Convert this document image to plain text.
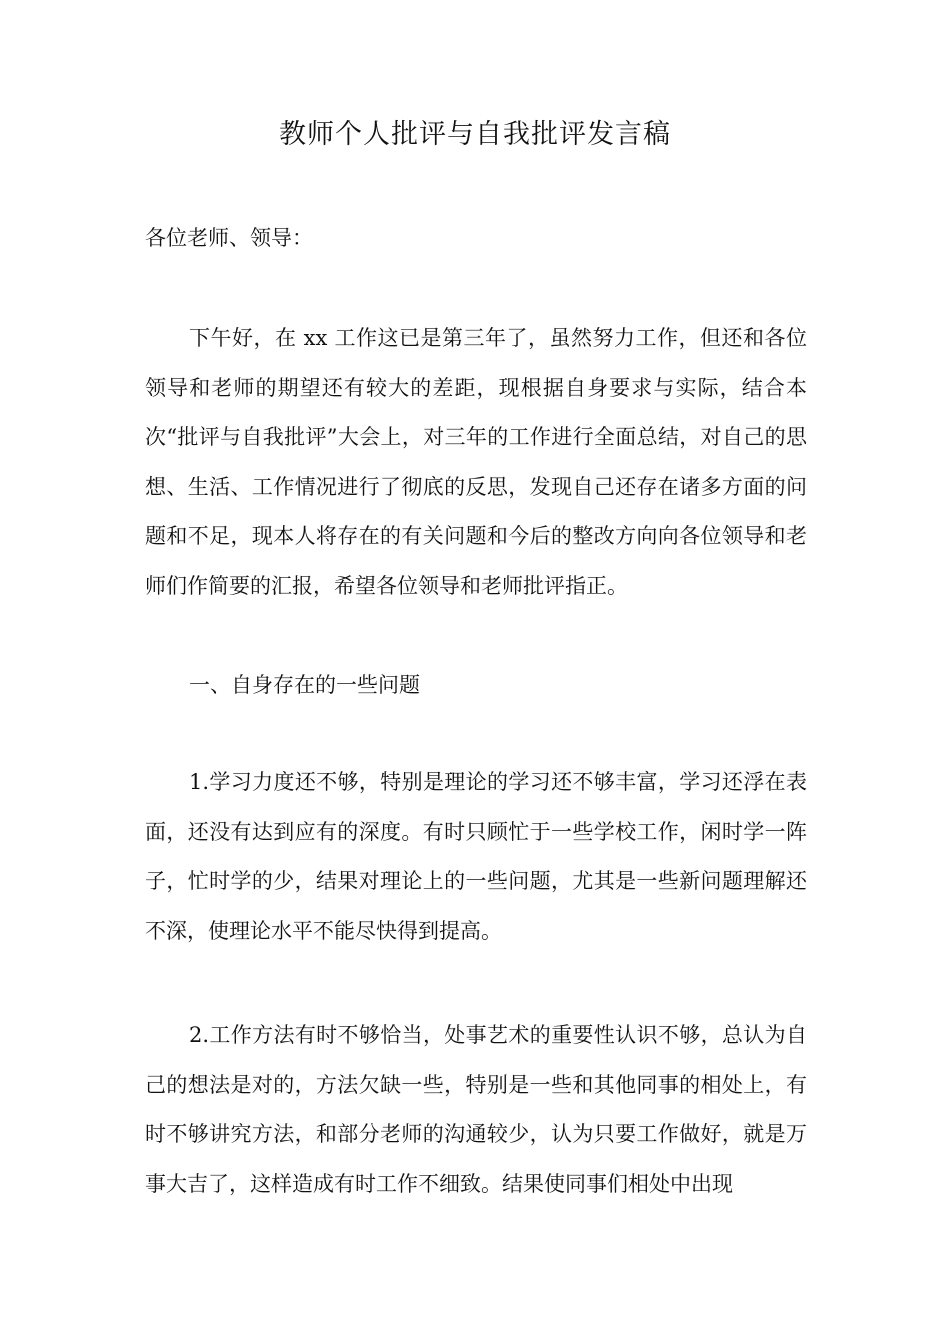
教师个人批评与自我批评发言稿

各位老师、领导：

下午好，在 xx 工作这已是第三年了，虽然努力工作，但还和各位领导和老师的期望还有较大的差距，现根据自身要求与实际，结合本次“批评与自我批评”大会上，对三年的工作进行全面总结，对自己的思想、生活、工作情况进行了彻底的反思，发现自己还存在诸多方面的问题和不足，现本人将存在的有关问题和今后的整改方向向各位领导和老师们作简要的汇报，希望各位领导和老师批评指正。

一、自身存在的一些问题

1.学习力度还不够，特别是理论的学习还不够丰富，学习还浮在表面，还没有达到应有的深度。有时只顾忙于一些学校工作，闲时学一阵子，忙时学的少，结果对理论上的一些问题，尤其是一些新问题理解还不深，使理论水平不能尽快得到提高。

2.工作方法有时不够恰当，处事艺术的重要性认识不够，总认为自己的想法是对的，方法欠缺一些，特别是一些和其他同事的相处上，有时不够讲究方法，和部分老师的沟通较少，认为只要工作做好，就是万事大吉了，这样造成有时工作不细致。结果使同事们相处中出现
